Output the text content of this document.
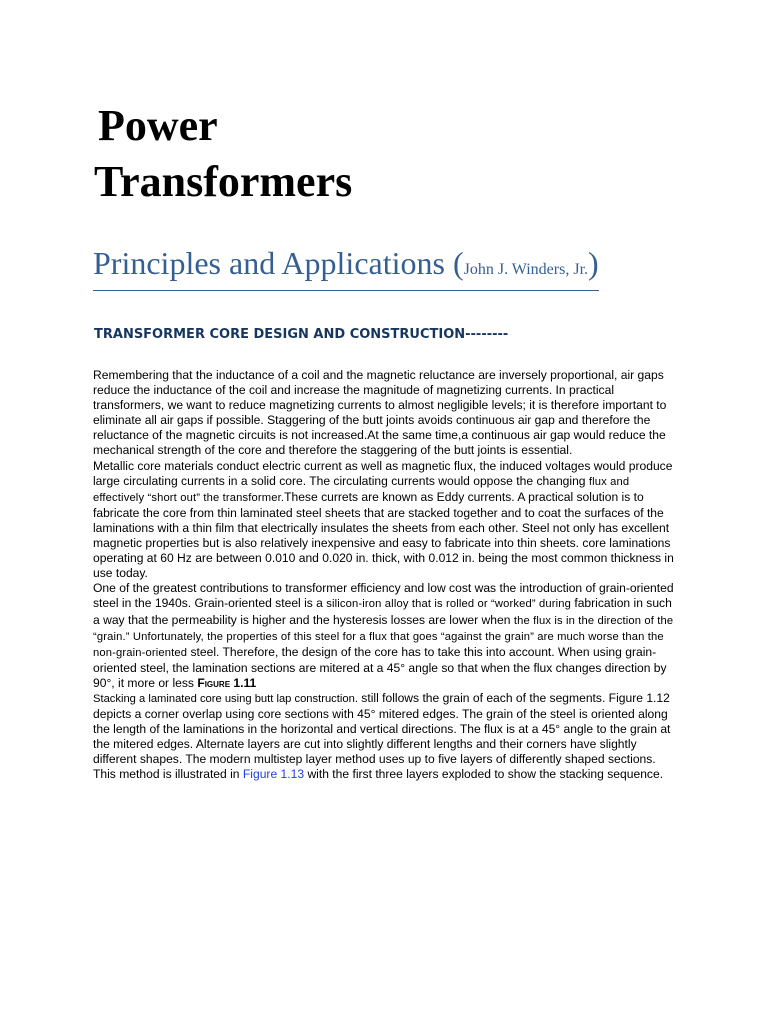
Power
Transformers
Principles and Applications (John J. Winders, Jr.)
TRANSFORMER CORE DESIGN AND CONSTRUCTION--------

Remembering that the inductance of a coil and the magnetic reluctance are inversely proportional, air gaps reduce the inductance of the coil and increase the magnitude of magnetizing currents. In practical transformers, we want to reduce magnetizing currents to almost negligible levels; it is therefore important to eliminate all air gaps if possible. Staggering of the butt joints avoids continuous air gap and therefore the reluctance of the magnetic circuits is not increased.At the same time,a continuous air gap would reduce the mechanical strength of the core and therefore the staggering of the butt joints is essential.

Metallic core materials conduct electric current as well as magnetic flux, the induced voltages would produce large circulating currents in a solid core. The circulating currents would oppose the changing flux and effectively “short out” the transformer.These currets are known as Eddy currents. A practical solution is to fabricate the core from thin laminated steel sheets that are stacked together and to coat the surfaces of the laminations with a thin film that electrically insulates the sheets from each other. Steel not only has excellent magnetic properties but is also relatively inexpensive and easy to fabricate into thin sheets. core laminations

operating at 60 Hz are between 0.010 and 0.020 in. thick, with 0.012 in. being the most common thickness in use today.

One of the greatest contributions to transformer efficiency and low cost was the introduction of grain-oriented steel in the 1940s. Grain-oriented steel is a silicon-iron alloy that is rolled or “worked” during fabrication in such a way that the permeability is higher and the hysteresis losses are lower when the flux is in the direction of the “grain.” Unfortunately, the properties of this steel for a flux that goes “against the grain” are much worse than the non-grain-oriented steel. Therefore, the design of the core has to take this into account. When using grain-oriented steel, the lamination sections are mitered at a 45° angle so that when the flux changes direction by 90°, it more or less Figure 1.11
Stacking a laminated core using butt lap construction. still follows the grain of each of the segments. Figure 1.12 depicts a corner overlap using core sections with 45° mitered edges. The grain of the steel is oriented along the length of the laminations in the horizontal and vertical directions. The flux is at a 45° angle to the grain at the mitered edges. Alternate layers are cut into slightly different lengths and their corners have slightly different shapes. The modern multistep layer method uses up to five layers of differently shaped sections. This method is illustrated in Figure 1.13 with the first three layers exploded to show the stacking sequence.
